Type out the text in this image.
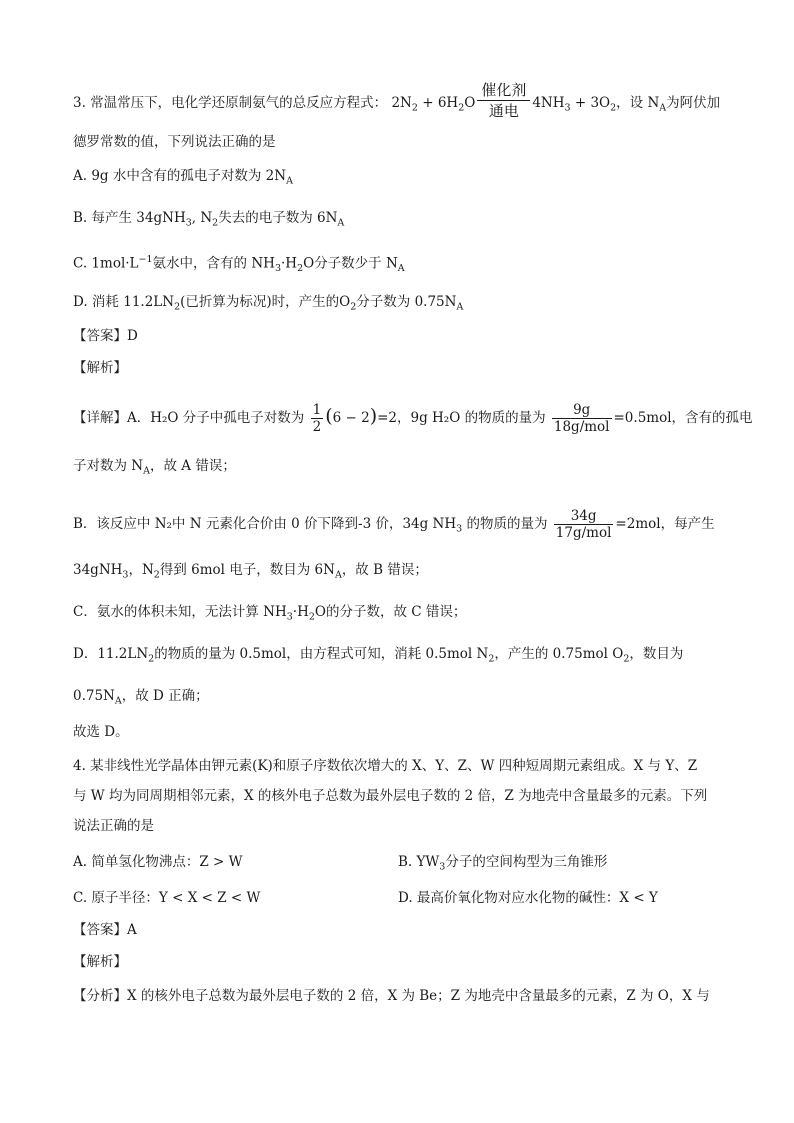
3. 常温常压下，电化学还原制氨气的总反应方程式： $2N_2 + 6H_2O$
催化剂
通电	$4NH_3 + 3O_2$，设 $N_A$为阿伏加
德罗常数的值，下列说法正确的是
A. 9g 水中含有的孤电子对数为 $2N_A$
B. 每产生 34gNH$_3$, $N_2$失去的电子数为 $6N_A$
C. $1mol\cdot L^{-1}$氨水中，含有的 $NH_3\cdot H_2O$分子数少于 $N_A$
D. 消耗 $11.2LN_2$(已折算为标况)时，产生的$O_2$分子数为 $0.75N_A$
【答案】D
【解析】
【详解】A．H₂O 分子中孤电子对数为 $\frac{1}{2} (6 - 2)=2$，9g H₂O 的物质的量为	9g
18g/mol
=0.5mol，含有的孤电
子对数为 $N_A$，故 A 错误；
B．该反应中 N₂中 N 元素化合价由 0 价下降到-3 价，34g $NH_3$ 的物质的量为	34g
17g/mol
=2mol，每产生
34gNH$_3$，$N_2$得到 6mol 电子，数目为 $6N_A$，故 B 错误；
C．氨水的体积未知，无法计算 $NH_3\cdot H_2O$的分子数，故 C 错误；
D．$11.2LN_2$的物质的量为 0.5mol，由方程式可知，消耗 0.5mol $N_2$，产生的 0.75mol $O_2$，数目为
$0.75N_A$，故 D 正确；
故选 D。
4. 某非线性光学晶体由钾元素(K)和原子序数依次增大的 X、Y、Z、W 四种短周期元素组成。X 与 Y、Z
与 W 均为同周期相邻元素，X 的核外电子总数为最外层电子数的 2 倍，Z 为地壳中含量最多的元素。下列
说法正确的是
A. 简单氢化物沸点：Z > W	B. $YW_3$分子的空间构型为三角锥形
C. 原子半径：Y < X < Z < W	D. 最高价氧化物对应水化物的碱性：X < Y
【答案】A
【解析】
【分析】X 的核外电子总数为最外层电子数的 2 倍，X 为 Be；Z 为地壳中含量最多的元素，Z 为 O，X 与
